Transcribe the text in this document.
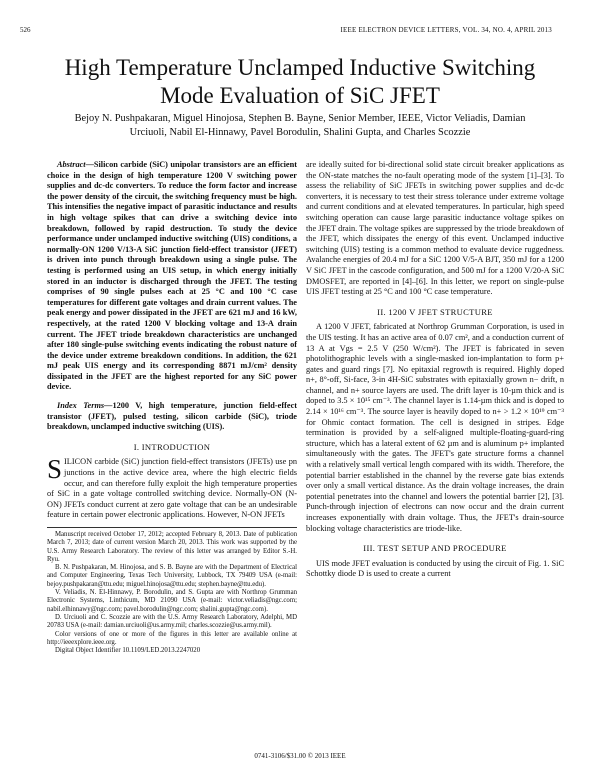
526	IEEE ELECTRON DEVICE LETTERS, VOL. 34, NO. 4, APRIL 2013
High Temperature Unclamped Inductive Switching Mode Evaluation of SiC JFET
Bejoy N. Pushpakaran, Miguel Hinojosa, Stephen B. Bayne, Senior Member, IEEE, Victor Veliadis, Damian Urciuoli, Nabil El-Hinnawy, Pavel Borodulin, Shalini Gupta, and Charles Scozzie

Abstract—Silicon carbide (SiC) unipolar transistors are an efficient choice in the design of high temperature 1200 V switching power supplies and dc-dc converters. To reduce the form factor and increase the power density of the circuit, the switching frequency must be high. This intensifies the negative impact of parasitic inductance and results in high voltage spikes that can drive a switching device into breakdown, followed by rapid destruction. To study the device performance under unclamped inductive switching (UIS) conditions, a normally-ON 1200 V/13-A SiC junction field-effect transistor (JFET) is driven into punch through breakdown using a single pulse. The testing is performed using an UIS setup, in which energy initially stored in an inductor is discharged through the JFET. The testing comprises of 90 single pulses each at 25 °C and 100 °C case temperatures for different gate voltages and drain current values. The peak energy and power dissipated in the JFET are 621 mJ and 16 kW, respectively, at the rated 1200 V blocking voltage and 13-A drain current. The JFET triode breakdown characteristics are unchanged after 180 single-pulse switching events indicating the robust nature of the device under extreme breakdown conditions. In addition, the 621 mJ peak UIS energy and its corresponding 8871 mJ/cm² density dissipated in the JFET are the highest reported for any SiC power device.

Index Terms—1200 V, high temperature, junction field-effect transistor (JFET), pulsed testing, silicon carbide (SiC), triode breakdown, unclamped inductive switching (UIS).

I. INTRODUCTION

SILICON carbide (SiC) junction field-effect transistors (JFETs) use pn junctions in the active device area, where the high electric fields occur, and can therefore fully exploit the high temperature properties of SiC in a gate voltage controlled switching device. Normally-ON (N-ON) JFETs conduct current at zero gate voltage that can be an undesirable feature in certain power electronic applications. However, N-ON JFETs

Manuscript received October 17, 2012; accepted February 8, 2013. Date of publication March 7, 2013; date of current version March 20, 2013. This work was supported by the U.S. Army Research Laboratory. The review of this letter was arranged by Editor S.-H. Ryu.

B. N. Pushpakaran, M. Hinojosa, and S. B. Bayne are with the Department of Electrical and Computer Engineering, Texas Tech University, Lubbock, TX 79409 USA (e-mail: bejoy.pushpakaran@ttu.edu; miguel.hinojosa@ttu.edu; stephen.bayne@ttu.edu).

V. Veliadis, N. El-Hinnawy, P. Borodulin, and S. Gupta are with Northrop Grumman Electronic Systems, Linthicum, MD 21090 USA (e-mail: victor.veliadis@ngc.com; nabil.elhinnawy@ngc.com; pavel.borodulin@ngc.com; shalini.gupta@ngc.com).

D. Urciuoli and C. Scozzie are with the U.S. Army Research Laboratory, Adelphi, MD 20783 USA (e-mail: damian.urciuoli@us.army.mil; charles.scozzie@us.army.mil).

Color versions of one or more of the figures in this letter are available online at http://ieeexplore.ieee.org.

Digital Object Identifier 10.1109/LED.2013.2247020

are ideally suited for bi-directional solid state circuit breaker applications as the ON-state matches the no-fault operating mode of the system [1]–[3]. To assess the reliability of SiC JFETs in switching power supplies and dc-dc converters, it is necessary to test their stress tolerance under extreme voltage and current conditions and at elevated temperatures. In particular, high speed switching operation can cause large parasitic inductance voltage spikes on the JFET drain. The voltage spikes are suppressed by the triode breakdown of the JFET, which dissipates the energy of this event. Unclamped inductive switching (UIS) testing is a common method to evaluate device ruggedness. Avalanche energies of 20.4 mJ for a SiC 1200 V/5-A BJT, 350 mJ for a 1200 V SiC JFET in the cascode configuration, and 500 mJ for a 1200 V/20-A SiC DMOSFET, are reported in [4]–[6]. In this letter, we report on single-pulse UIS JFET testing at 25 °C and 100 °C case temperature.

II. 1200 V JFET STRUCTURE

A 1200 V JFET, fabricated at Northrop Grumman Corporation, is used in the UIS testing. It has an active area of 0.07 cm², and a conduction current of 13 A at Vgs = 2.5 V (250 W/cm²). The JFET is fabricated in seven photolithographic levels with a single-masked ion-implantation to form p+ gates and guard rings [7]. No epitaxial regrowth is required. Highly doped n+, 8°-off, Si-face, 3-in 4H-SiC substrates with epitaxially grown n− drift, n channel, and n+ source layers are used. The drift layer is 10-µm thick and is doped to 3.5 × 10¹⁵ cm⁻³. The channel layer is 1.14-µm thick and is doped to 2.14 × 10¹⁶ cm⁻³. The source layer is heavily doped to n+ > 1.2 × 10¹⁹ cm⁻³ for Ohmic contact formation. The cell is designed in stripes. Edge termination is provided by a self-aligned multiple-floating-guard-ring structure, which has a lateral extent of 62 µm and is aluminum p+ implanted simultaneously with the gates. The JFET's gate structure forms a channel with a relatively small vertical length compared with its width. Therefore, the potential barrier established in the channel by the reverse gate bias extends over only a small vertical distance. As the drain voltage increases, the drain potential penetrates into the channel and lowers the potential barrier [2], [3]. Punch-through injection of electrons can now occur and the drain current increases exponentially with drain voltage. Thus, the JFET's drain-source blocking voltage characteristics are triode-like.

III. TEST SETUP AND PROCEDURE

UIS mode JFET evaluation is conducted by using the circuit of Fig. 1. SiC Schottky diode D is used to create a current

0741-3106/$31.00 © 2013 IEEE
